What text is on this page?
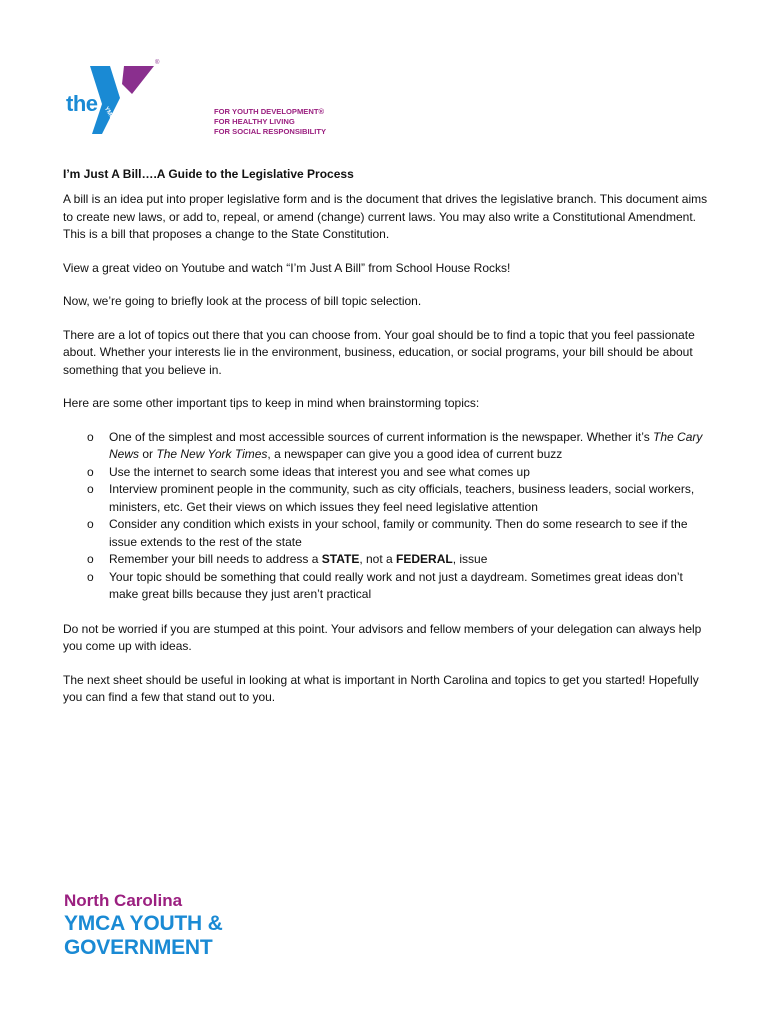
the YMCA
®
FOR YOUTH DEVELOPMENT®
FOR HEALTHY LIVING
FOR SOCIAL RESPONSIBILITY
I’m Just A Bill….A Guide to the Legislative Process

A bill is an idea put into proper legislative form and is the document that drives the legislative branch. This document aims to create new laws, or add to, repeal, or amend (change) current laws. You may also write a Constitutional Amendment. This is a bill that proposes a change to the State Constitution.

View a great video on Youtube and watch “I’m Just A Bill” from School House Rocks!

Now, we’re going to briefly look at the process of bill topic selection.

There are a lot of topics out there that you can choose from. Your goal should be to find a topic that you feel passionate about. Whether your interests lie in the environment, business, education, or social programs, your bill should be about something that you believe in.

Here are some other important tips to keep in mind when brainstorming topics:

o One of the simplest and most accessible sources of current information is the newspaper. Whether it’s The Cary News or The New York Times, a newspaper can give you a good idea of current buzz
o Use the internet to search some ideas that interest you and see what comes up
o Interview prominent people in the community, such as city officials, teachers, business leaders, social workers, ministers, etc. Get their views on which issues they feel need legislative attention
o Consider any condition which exists in your school, family or community. Then do some research to see if the issue extends to the rest of the state
o Remember your bill needs to address a STATE, not a FEDERAL, issue
o Your topic should be something that could really work and not just a daydream. Sometimes great ideas don’t make great bills because they just aren’t practical

Do not be worried if you are stumped at this point. Your advisors and fellow members of your delegation can always help you come up with ideas.

The next sheet should be useful in looking at what is important in North Carolina and topics to get you started! Hopefully you can find a few that stand out to you.

North Carolina
YMCA YOUTH &
GOVERNMENT
